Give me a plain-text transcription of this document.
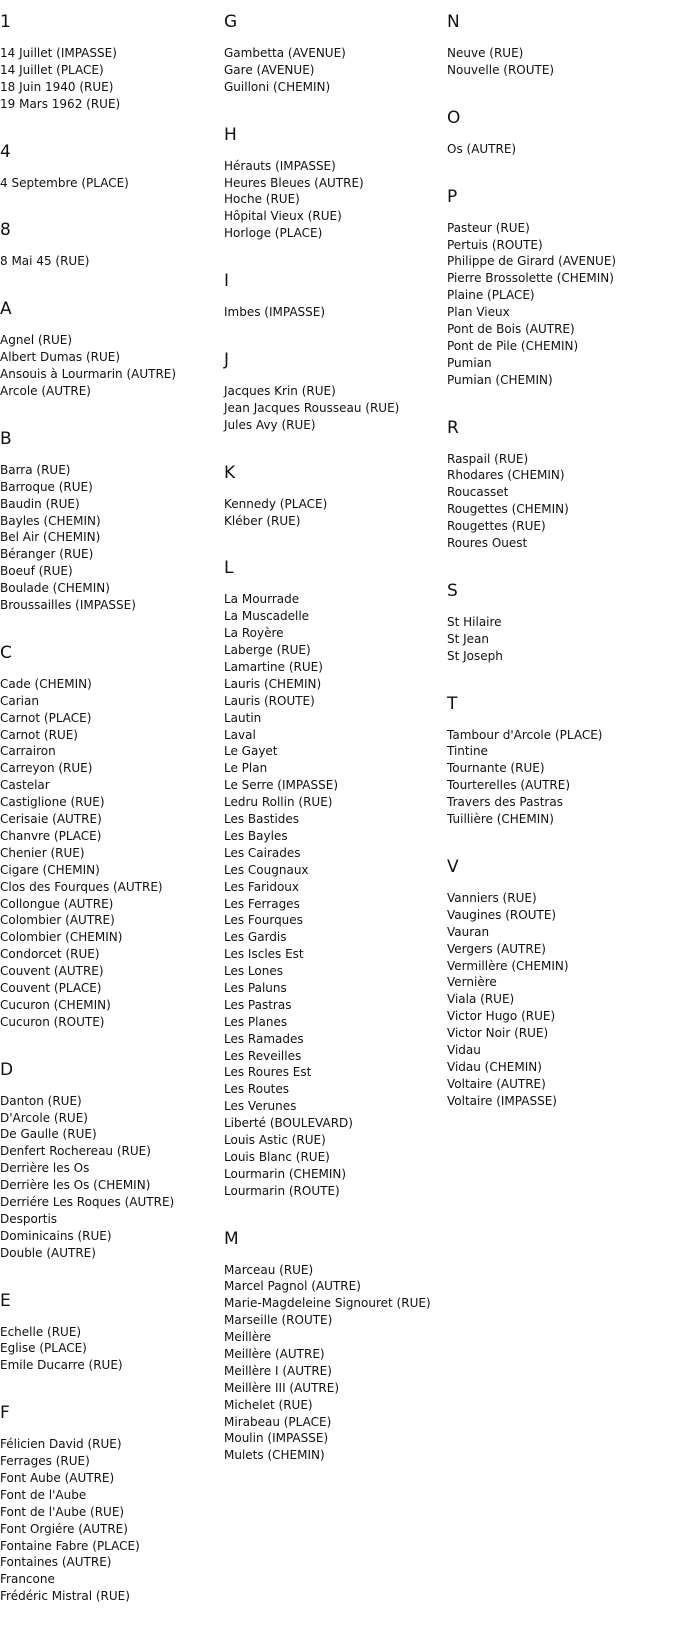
1
14 Juillet (IMPASSE)
14 Juillet (PLACE)
18 Juin 1940 (RUE)
19 Mars 1962 (RUE)
4
4 Septembre (PLACE)
8
8 Mai 45 (RUE)
A
Agnel (RUE)
Albert Dumas (RUE)
Ansouis à Lourmarin (AUTRE)
Arcole (AUTRE)
B
Barra (RUE)
Barroque (RUE)
Baudin (RUE)
Bayles (CHEMIN)
Bel Air (CHEMIN)
Béranger (RUE)
Boeuf (RUE)
Boulade (CHEMIN)
Broussailles (IMPASSE)
C
Cade (CHEMIN)
Carian
Carnot (PLACE)
Carnot (RUE)
Carrairon
Carreyon (RUE)
Castelar
Castiglione (RUE)
Cerisaie (AUTRE)
Chanvre (PLACE)
Chenier (RUE)
Cigare (CHEMIN)
Clos des Fourques (AUTRE)
Collongue (AUTRE)
Colombier (AUTRE)
Colombier (CHEMIN)
Condorcet (RUE)
Couvent (AUTRE)
Couvent (PLACE)
Cucuron (CHEMIN)
Cucuron (ROUTE)
D
Danton (RUE)
D'Arcole (RUE)
De Gaulle (RUE)
Denfert Rochereau (RUE)
Derrière les Os
Derrière les Os (CHEMIN)
Derriére Les Roques (AUTRE)
Desportis
Dominicains (RUE)
Double (AUTRE)
E
Echelle (RUE)
Eglise (PLACE)
Emile Ducarre (RUE)
F
Félicien David (RUE)
Ferrages (RUE)
Font Aube (AUTRE)
Font de l'Aube
Font de l'Aube (RUE)
Font Orgiére (AUTRE)
Fontaine Fabre (PLACE)
Fontaines (AUTRE)
Francone
Frédéric Mistral (RUE)
G
Gambetta (AVENUE)
Gare (AVENUE)
Guilloni (CHEMIN)
H
Hérauts (IMPASSE)
Heures Bleues (AUTRE)
Hoche (RUE)
Hôpital Vieux (RUE)
Horloge (PLACE)
I
Imbes (IMPASSE)
J
Jacques Krin (RUE)
Jean Jacques Rousseau (RUE)
Jules Avy (RUE)
K
Kennedy (PLACE)
Kléber (RUE)
L
La Mourrade
La Muscadelle
La Royère
Laberge (RUE)
Lamartine (RUE)
Lauris (CHEMIN)
Lauris (ROUTE)
Lautin
Laval
Le Gayet
Le Plan
Le Serre (IMPASSE)
Ledru Rollin (RUE)
Les Bastides
Les Bayles
Les Cairades
Les Cougnaux
Les Faridoux
Les Ferrages
Les Fourques
Les Gardis
Les Iscles Est
Les Lones
Les Paluns
Les Pastras
Les Planes
Les Ramades
Les Reveilles
Les Roures Est
Les Routes
Les Verunes
Liberté (BOULEVARD)
Louis Astic (RUE)
Louis Blanc (RUE)
Lourmarin (CHEMIN)
Lourmarin (ROUTE)
M
Marceau (RUE)
Marcel Pagnol (AUTRE)
Marie-Magdeleine Signouret (RUE)
Marseille (ROUTE)
Meillère
Meillère (AUTRE)
Meillère I (AUTRE)
Meillère III (AUTRE)
Michelet (RUE)
Mirabeau (PLACE)
Moulin (IMPASSE)
Mulets (CHEMIN)
N
Neuve (RUE)
Nouvelle (ROUTE)
O
Os (AUTRE)
P
Pasteur (RUE)
Pertuis (ROUTE)
Philippe de Girard (AVENUE)
Pierre Brossolette (CHEMIN)
Plaine (PLACE)
Plan Vieux
Pont de Bois (AUTRE)
Pont de Pile (CHEMIN)
Pumian
Pumian (CHEMIN)
R
Raspail (RUE)
Rhodares (CHEMIN)
Roucasset
Rougettes (CHEMIN)
Rougettes (RUE)
Roures Ouest
S
St Hilaire
St Jean
St Joseph
T
Tambour d'Arcole (PLACE)
Tintine
Tournante (RUE)
Tourterelles (AUTRE)
Travers des Pastras
Tuillière (CHEMIN)
V
Vanniers (RUE)
Vaugines (ROUTE)
Vauran
Vergers (AUTRE)
Vermillère (CHEMIN)
Vernière
Viala (RUE)
Victor Hugo (RUE)
Victor Noir (RUE)
Vidau
Vidau (CHEMIN)
Voltaire (AUTRE)
Voltaire (IMPASSE)
